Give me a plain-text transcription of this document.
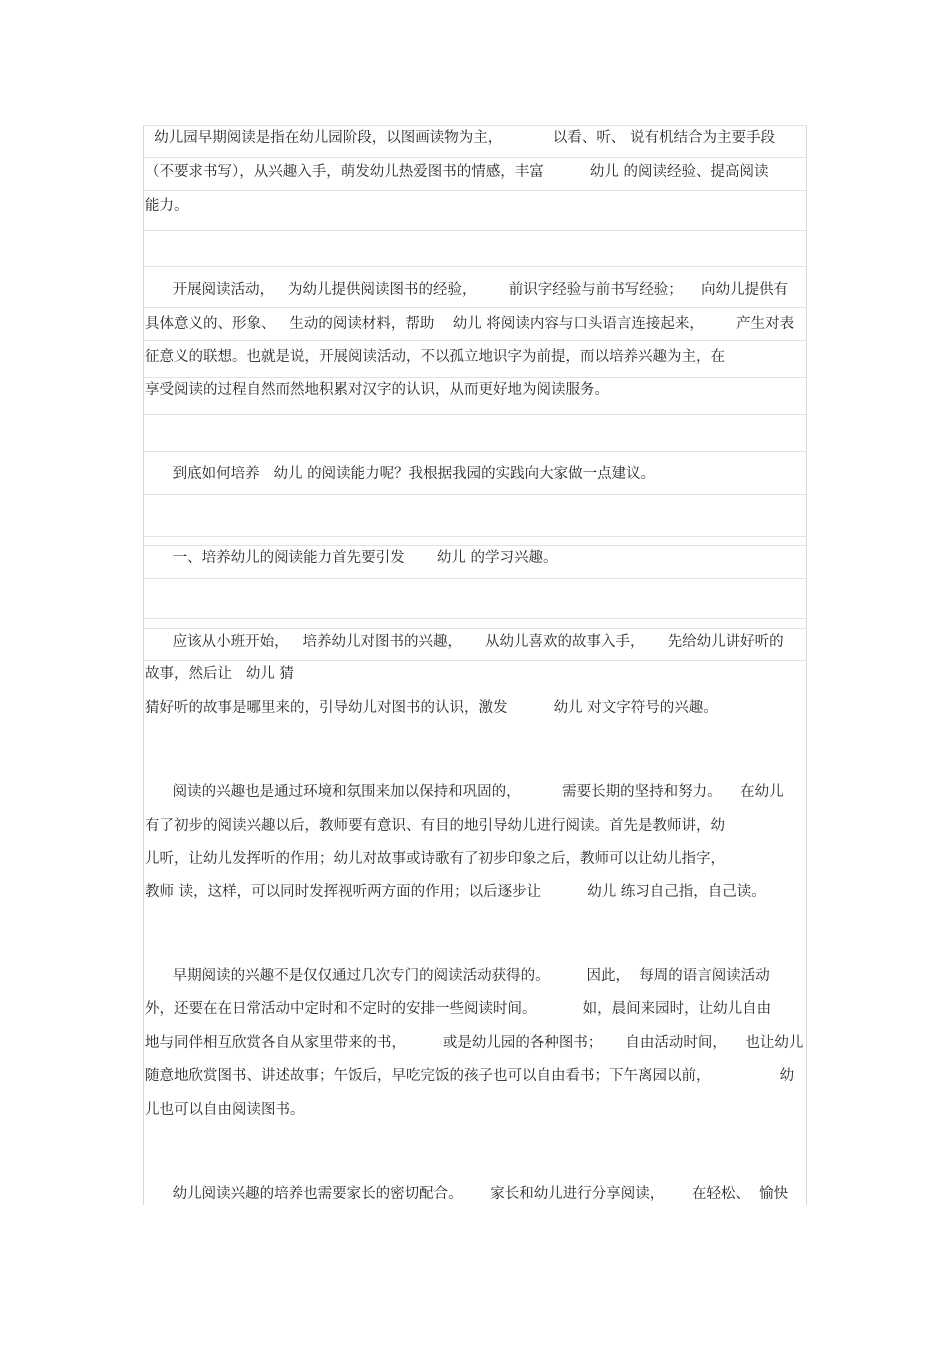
幼儿园早期阅读是指在幼儿园阶段，以图画读物为主，           以看、听、 说有机结合为主要手段
（不要求书写），从兴趣入手，萌发幼儿热爱图书的情感，丰富          幼儿 的阅读经验、提高阅读
能力。
开展阅读活动，   为幼儿提供阅读图书的经验，       前识字经验与前书写经验；    向幼儿提供有
具体意义的、形象、   生动的阅读材料，帮助    幼儿 将阅读内容与口头语言连接起来，       产生对表
征意义的联想。也就是说，开展阅读活动，不以孤立地识字为前提，而以培养兴趣为主，在
享受阅读的过程自然而然地积累对汉字的认识，从而更好地为阅读服务。
到底如何培养   幼儿 的阅读能力呢？我根据我园的实践向大家做一点建议。
一、培养幼儿的阅读能力首先要引发       幼儿 的学习兴趣。
应该从小班开始，   培养幼儿对图书的兴趣，     从幼儿喜欢的故事入手，     先给幼儿讲好听的
故事，然后让   幼儿 猜
猜好听的故事是哪里来的，引导幼儿对图书的认识，激发          幼儿 对文字符号的兴趣。
阅读的兴趣也是通过环境和氛围来加以保持和巩固的，         需要长期的坚持和努力。    在幼儿
有了初步的阅读兴趣以后，教师要有意识、有目的地引导幼儿进行阅读。首先是教师讲，幼
儿听，让幼儿发挥听的作用；幼儿对故事或诗歌有了初步印象之后，教师可以让幼儿指字，
教师 读，这样，可以同时发挥视听两方面的作用；以后逐步让          幼儿 练习自己指，自己读。
早期阅读的兴趣不是仅仅通过几次专门的阅读活动获得的。        因此，  每周的语言阅读活动
外，还要在在日常活动中定时和不定时的安排一些阅读时间。          如，晨间来园时，让幼儿自由
地与同伴相互欣赏各自从家里带来的书，        或是幼儿园的各种图书；     自由活动时间，    也让幼儿
随意地欣赏图书、讲述故事；午饭后，早吃完饭的孩子也可以自由看书；下午离园以前，               幼
儿也可以自由阅读图书。
幼儿阅读兴趣的培养也需要家长的密切配合。      家长和幼儿进行分享阅读，      在轻松、  愉快
